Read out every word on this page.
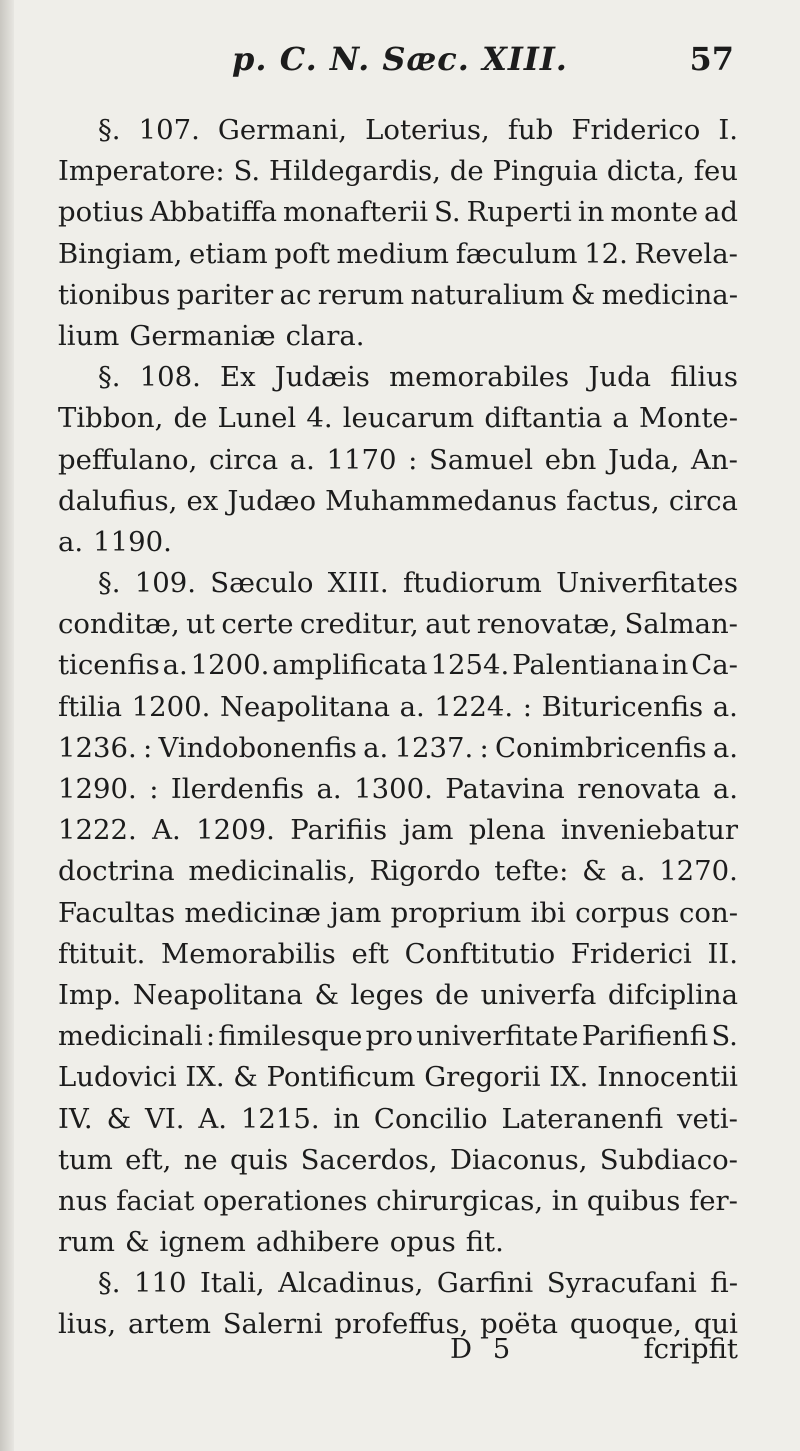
p. C. N. Sæc. XIII.	57
§. 107. Germani, Loterius, fub Friderico I.
Imperatore: S. Hildegardis, de Pinguia dicta, feu
potius Abbatiffa monafterii S. Ruperti in monte ad
Bingiam, etiam poft medium fæculum 12. Revela-
tionibus pariter ac rerum naturalium & medicina-
lium Germaniæ clara.
§. 108. Ex Judæis memorabiles Juda filius
Tibbon, de Lunel 4. leucarum diftantia a Monte-
peffulano, circa a. 1170 : Samuel ebn Juda, An-
dalufius, ex Judæo Muhammedanus factus, circa
a. 1190.
§. 109. Sæculo XIII. ftudiorum Univerfitates
conditæ, ut certe creditur, aut renovatæ, Salman-
ticenfis a. 1200. amplificata 1254. Palentiana in Ca-
ftilia 1200. Neapolitana a. 1224. : Bituricenfis a.
1236. : Vindobonenfis a. 1237. : Conimbricenfis a.
1290. : Ilerdenfis a. 1300. Patavina renovata a.
1222. A. 1209. Parifiis jam plena inveniebatur
doctrina medicinalis, Rigordo tefte: & a. 1270.
Facultas medicinæ jam proprium ibi corpus con-
ftituit. Memorabilis eft Conftitutio Friderici II.
Imp. Neapolitana & leges de univerfa difciplina
medicinali : fimilesque pro univerfitate Parifienfi S.
Ludovici IX. & Pontificum Gregorii IX. Innocentii
IV. & VI. A. 1215. in Concilio Lateranenfi veti-
tum eft, ne quis Sacerdos, Diaconus, Subdiaco-
nus faciat operationes chirurgicas, in quibus fer-
rum & ignem adhibere opus fit.
§. 110 Itali, Alcadinus, Garfini Syracufani fi-
lius, artem Salerni profeffus, poëta quoque, qui
D 5	fcripfit
